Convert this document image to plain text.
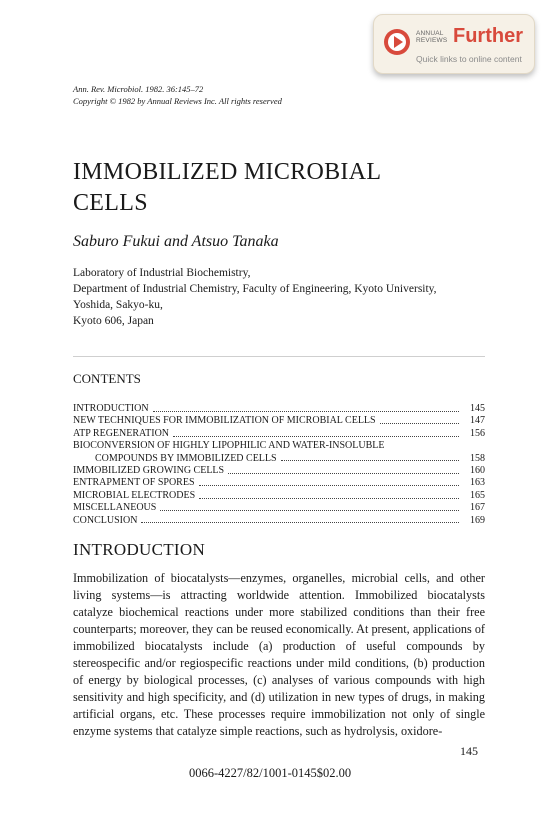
ANNUAL REVIEWS Further
Quick links to online content
Ann. Rev. Microbiol. 1982. 36:145–72
Copyright © 1982 by Annual Reviews Inc. All rights reserved
IMMOBILIZED MICROBIAL
CELLS
Saburo Fukui and Atsuo Tanaka
Laboratory of Industrial Biochemistry,
Department of Industrial Chemistry, Faculty of Engineering, Kyoto University,
Yoshida, Sakyo-ku,
Kyoto 606, Japan
CONTENTS
INTRODUCTION	145
NEW TECHNIQUES FOR IMMOBILIZATION OF MICROBIAL CELLS	147
ATP REGENERATION	156
BIOCONVERSION OF HIGHLY LIPOPHILIC AND WATER-INSOLUBLE
COMPOUNDS BY IMMOBILIZED CELLS	158
IMMOBILIZED GROWING CELLS	160
ENTRAPMENT OF SPORES	163
MICROBIAL ELECTRODES	165
MISCELLANEOUS	167
CONCLUSION	169
INTRODUCTION
Immobilization of biocatalysts—enzymes, organelles, microbial cells, and other living systems—is attracting worldwide attention. Immobilized biocatalysts catalyze biochemical reactions under more stabilized conditions than their free counterparts; moreover, they can be reused economically. At present, applications of immobilized biocatalysts include (a) production of useful compounds by stereospecific and/or regiospecific reactions under mild conditions, (b) production of energy by biological processes, (c) analyses of various compounds with high sensitivity and high specificity, and (d) utilization in new types of drugs, in making artificial organs, etc. These processes require immobilization not only of single enzyme systems that catalyze simple reactions, such as hydrolysis, oxidore-
145
0066-4227/82/1001-0145$02.00
